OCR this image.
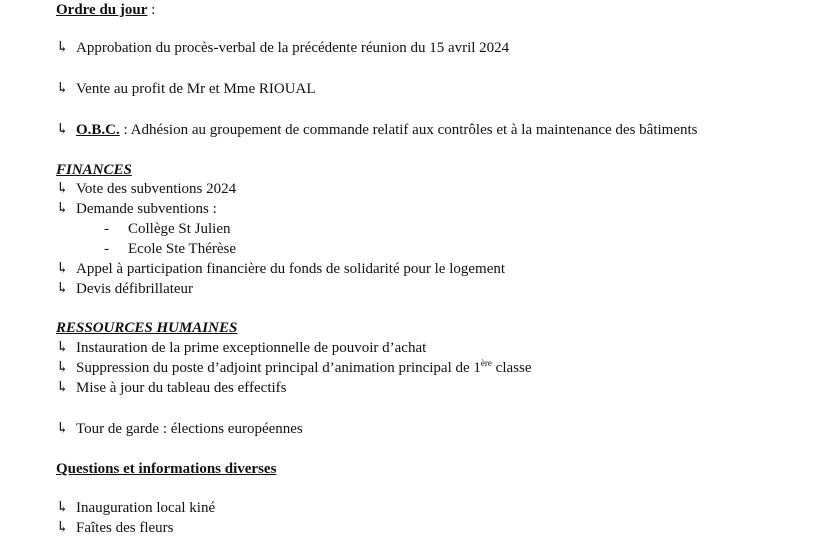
Ordre du jour :
↳ Approbation du procès-verbal de la précédente réunion du 15 avril 2024
↳ Vente au profit de Mr et Mme RIOUAL
↳ O.B.C. : Adhésion au groupement de commande relatif aux contrôles et à la maintenance des bâtiments
FINANCES
↳ Vote des subventions 2024
↳ Demande subventions :
- Collège St Julien
- Ecole Ste Thérèse
↳ Appel à participation financière du fonds de solidarité pour le logement
↳ Devis défibrillateur
RESSOURCES HUMAINES
↳ Instauration de la prime exceptionnelle de pouvoir d’achat
↳ Suppression du poste d’adjoint principal d’animation principal de 1ère classe
↳ Mise à jour du tableau des effectifs
↳ Tour de garde : élections européennes
Questions et informations diverses
↳ Inauguration local kiné
↳ Faîtes des fleurs
